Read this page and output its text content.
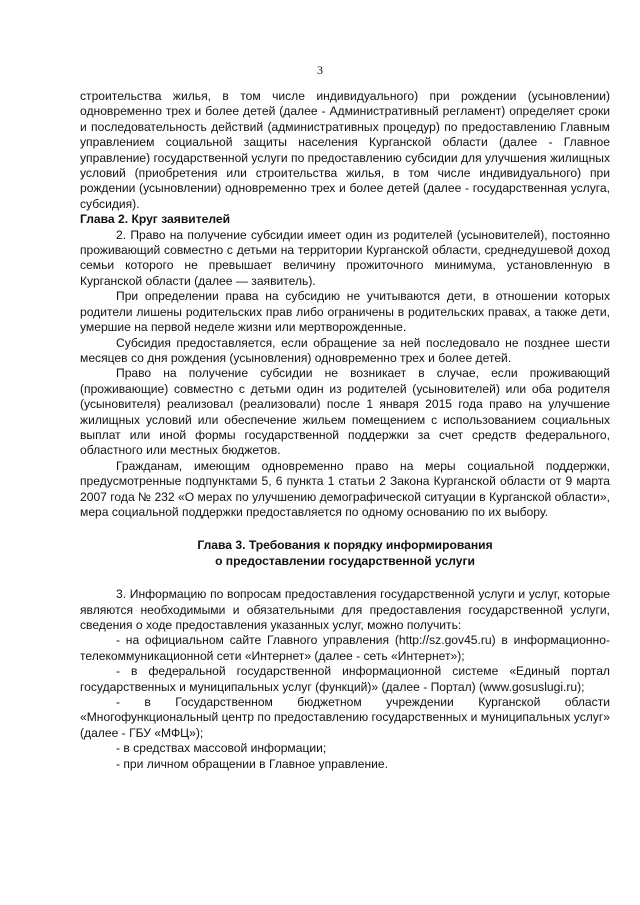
3

строительства жилья, в том числе индивидуального) при рождении (усыновлении) одновременно трех и более детей (далее - Административный регламент) определяет сроки и последовательность действий (административных процедур) по предоставлению Главным управлением социальной защиты населения Курганской области (далее - Главное управление) государственной услуги по предоставлению субсидии для улучшения жилищных условий (приобретения или строительства жилья, в том числе индивидуального) при рождении (усыновлении) одновременно трех и более детей (далее - государственная услуга, субсидия).

Глава 2. Круг заявителей

2. Право на получение субсидии имеет один из родителей (усыновителей), постоянно проживающий совместно с детьми на территории Курганской области, среднедушевой доход семьи которого не превышает величину прожиточного минимума, установленную в Курганской области (далее — заявитель).

При определении права на субсидию не учитываются дети, в отношении которых родители лишены родительских прав либо ограничены в родительских правах, а также дети, умершие на первой неделе жизни или мертворожденные.

Субсидия предоставляется, если обращение за ней последовало не позднее шести месяцев со дня рождения (усыновления) одновременно трех и более детей.

Право на получение субсидии не возникает в случае, если проживающий (проживающие) совместно с детьми один из родителей (усыновителей) или оба родителя (усыновителя) реализовал (реализовали) после 1 января 2015 года право на улучшение жилищных условий или обеспечение жильем помещением с использованием социальных выплат или иной формы государственной поддержки за счет средств федерального, областного или местных бюджетов.

Гражданам, имеющим одновременно право на меры социальной поддержки, предусмотренные подпунктами 5, 6 пункта 1 статьи 2 Закона Курганской области от 9 марта 2007 года № 232 «О мерах по улучшению демографической ситуации в Курганской области», мера социальной поддержки предоставляется по одному основанию по их выбору.

Глава 3. Требования к порядку информирования
о предоставлении государственной услуги

3. Информацию по вопросам предоставления государственной услуги и услуг, которые являются необходимыми и обязательными для предоставления государственной услуги, сведения о ходе предоставления указанных услуг, можно получить:

- на официальном сайте Главного управления (http://sz.gov45.ru) в информационно-телекоммуникационной сети «Интернет» (далее - сеть «Интернет»);

- в федеральной государственной информационной системе «Единый портал государственных и муниципальных услуг (функций)» (далее - Портал) (www.gosuslugi.ru);

- в Государственном бюджетном учреждении Курганской области «Многофункциональный центр по предоставлению государственных и муниципальных услуг» (далее - ГБУ «МФЦ»);

- в средствах массовой информации;

- при личном обращении в Главное управление.
